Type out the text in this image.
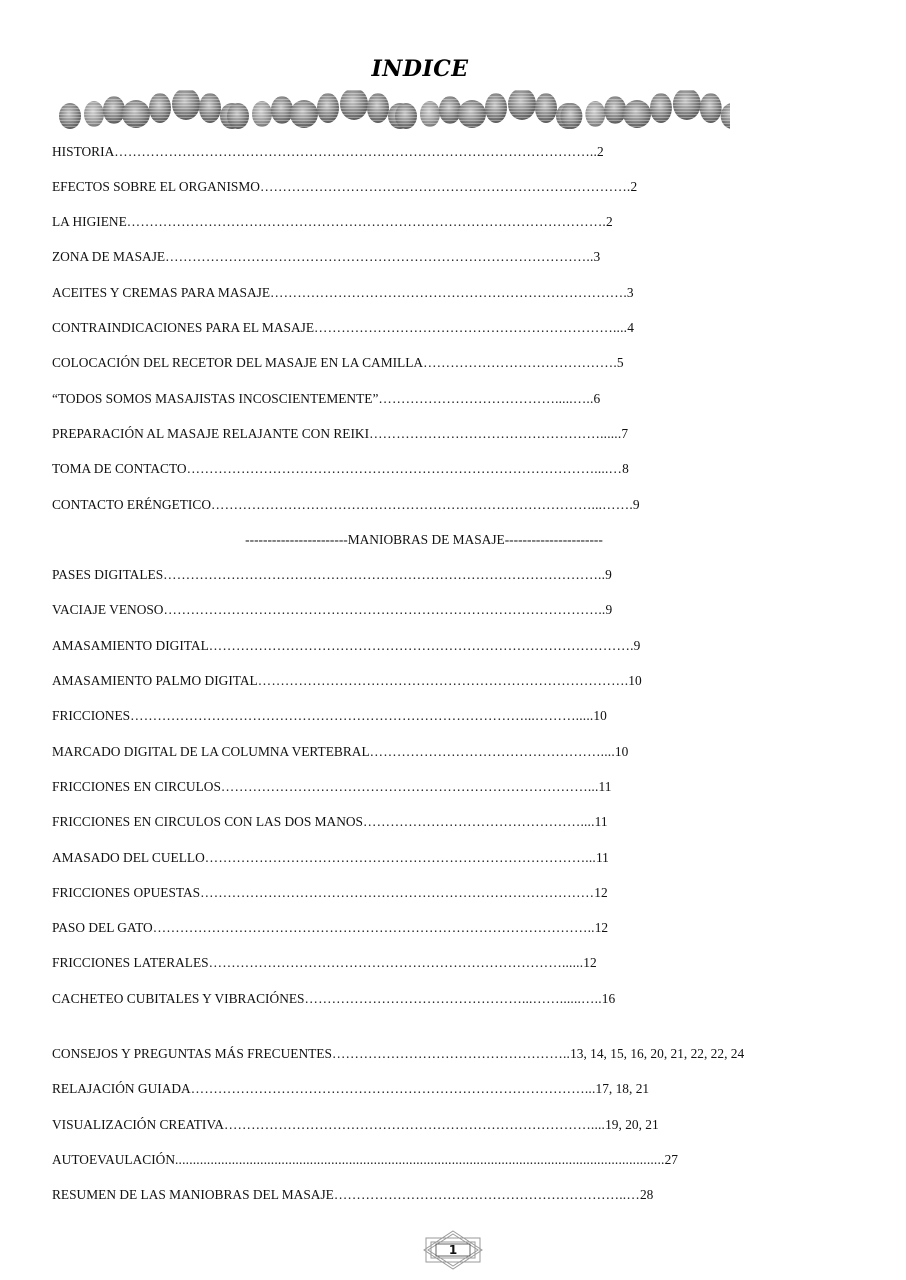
INDICE
HISTORIA……………………………………………………………………………………………..2
EFECTOS SOBRE EL ORGANISMO……………………………………………………………………….2
LA HIGIENE…………………………………………………………………………………………….2
ZONA DE MASAJE…………………………………………………………………………………..3
ACEITES Y CREMAS PARA MASAJE…………………………………………………………………….3
CONTRAINDICACIONES PARA EL MASAJE…………………………………………………………....4
COLOCACIÓN DEL RECETOR DEL MASAJE EN LA CAMILLA…………………………………….5
“TODOS SOMOS MASAJISTAS INCOSCIENTEMENTE”………………………………….....…..6
PREPARACIÓN AL MASAJE RELAJANTE CON REIKI……………………………………………......7
TOMA DE CONTACTO………………………………………………………………………………....…8
CONTACTO ERÉNGETICO…………………………………………………………………………...…….9
-----------------------MANIOBRAS DE MASAJE----------------------
PASES DIGITALES……………………………………………………………………………………..9
VACIAJE VENOSO……………………………………………………………………………………..9
AMASAMIENTO DIGITAL………………………………………………………………………………….9
AMASAMIENTO PALMO DIGITAL……………………………………………………………………….10
FRICCIONES……………………………………………………………………………...……….....10
MARCADO DIGITAL DE LA COLUMNA VERTEBRAL……………………………………………....10
FRICCIONES EN CIRCULOS………………………………………………………………………...11
FRICCIONES EN CIRCULOS CON LAS DOS MANOS…………………………………………....11
AMASADO DEL CUELLO…………………………………………………………………………...11
FRICCIONES OPUESTAS……………………………………………………………………………12
PASO DEL GATO……………………………………………………………………………………..12
FRICCIONES LATERALES……………………………………………………………………......12
CACHETEO CUBITALES Y VIBRACIÓNES…………………………………………...……......…..16
CONSEJOS Y PREGUNTAS MÁS FRECUENTES……………………………………………..13, 14, 15, 16, 20, 21, 22, 22, 24
RELAJACIÓN GUIADA……………………………………………………………………………...17, 18, 21
VISUALIZACIÓN CREATIVA………………………………………………………………………....19, 20, 21
AUTOEVAULACIÓN..........................................................................................................................................27
RESUMEN DE LAS MANIOBRAS DEL MASAJE………………………………………………………..…28
1
